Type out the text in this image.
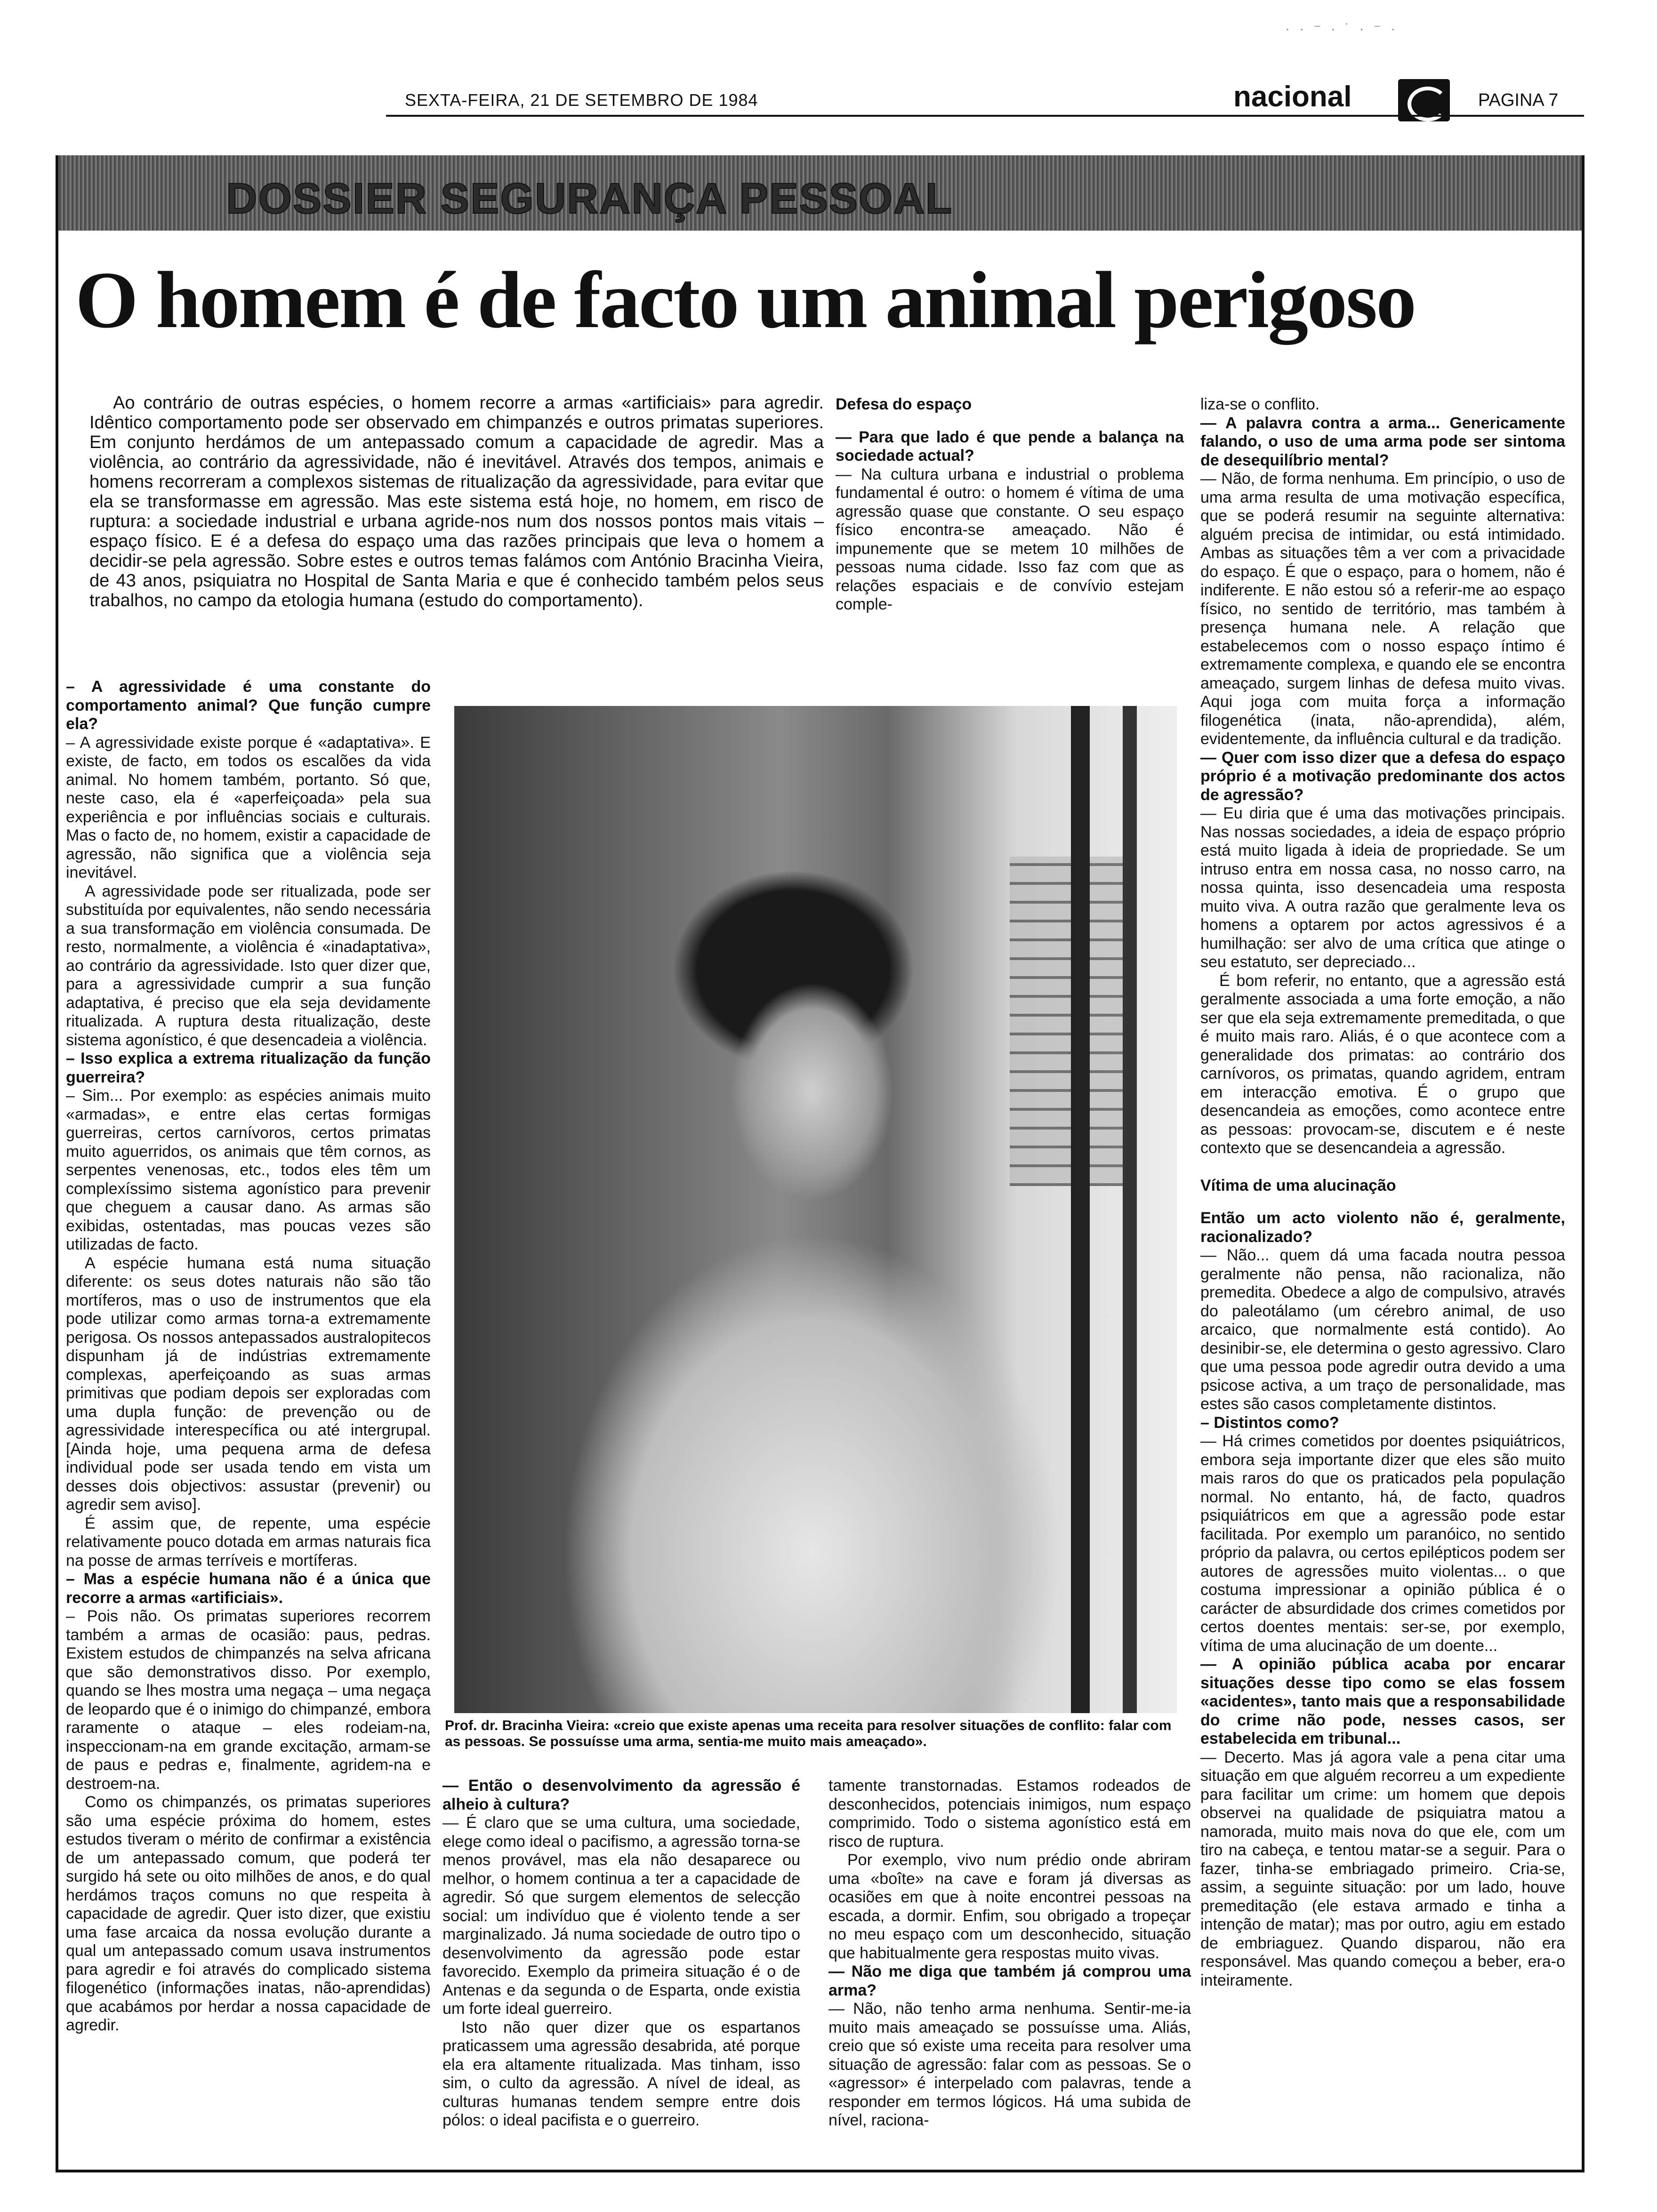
· · ⁻ · ˙ · ⁻ ·
SEXTA-FEIRA, 21 DE SETEMBRO DE 1984	nacional	PAGINA 7
DOSSIER SEGURANÇA PESSOAL
O homem é de facto um animal perigoso
Ao contrário de outras espécies, o homem recorre a armas «artificiais» para agredir. Idêntico comportamento pode ser observado em chimpanzés e outros primatas superiores. Em conjunto herdámos de um antepassado comum a capacidade de agredir. Mas a violência, ao contrário da agressividade, não é inevitável. Através dos tempos, animais e homens recorreram a complexos sistemas de ritualização da agressividade, para evitar que ela se transformasse em agressão. Mas este sistema está hoje, no homem, em risco de ruptura: a sociedade industrial e urbana agride-nos num dos nossos pontos mais vitais – espaço físico. E é a defesa do espaço uma das razões principais que leva o homem a decidir-se pela agressão. Sobre estes e outros temas falámos com António Bracinha Vieira, de 43 anos, psiquiatra no Hospital de Santa Maria e que é conhecido também pelos seus trabalhos, no campo da etologia humana (estudo do comportamento).

– A agressividade é uma constante do comportamento animal? Que função cumpre ela?

– A agressividade existe porque é «adaptativa». E existe, de facto, em todos os escalões da vida animal. No homem também, portanto. Só que, neste caso, ela é «aperfeiçoada» pela sua experiência e por influências sociais e culturais. Mas o facto de, no homem, existir a capacidade de agressão, não significa que a violência seja inevitável.

A agressividade pode ser ritualizada, pode ser substituída por equivalentes, não sendo necessária a sua transformação em violência consumada. De resto, normalmente, a violência é «inadaptativa», ao contrário da agressividade. Isto quer dizer que, para a agressividade cumprir a sua função adaptativa, é preciso que ela seja devidamente ritualizada. A ruptura desta ritualização, deste sistema agonístico, é que desencadeia a violência.

– Isso explica a extrema ritualização da função guerreira?

– Sim... Por exemplo: as espécies animais muito «armadas», e entre elas certas formigas guerreiras, certos carnívoros, certos primatas muito aguerridos, os animais que têm cornos, as serpentes venenosas, etc., todos eles têm um complexíssimo sistema agonístico para prevenir que cheguem a causar dano. As armas são exibidas, ostentadas, mas poucas vezes são utilizadas de facto.

A espécie humana está numa situação diferente: os seus dotes naturais não são tão mortíferos, mas o uso de instrumentos que ela pode utilizar como armas torna-a extremamente perigosa. Os nossos antepassados australopitecos dispunham já de indústrias extremamente complexas, aperfeiçoando as suas armas primitivas que podiam depois ser exploradas com uma dupla função: de prevenção ou de agressividade interespecífica ou até intergrupal. [Ainda hoje, uma pequena arma de defesa individual pode ser usada tendo em vista um desses dois objectivos: assustar (prevenir) ou agredir sem aviso].

É assim que, de repente, uma espécie relativamente pouco dotada em armas naturais fica na posse de armas terríveis e mortíferas.

– Mas a espécie humana não é a única que recorre a armas «artificiais».

– Pois não. Os primatas superiores recorrem também a armas de ocasião: paus, pedras. Existem estudos de chimpanzés na selva africana que são demonstrativos disso. Por exemplo, quando se lhes mostra uma negaça – uma negaça de leopardo que é o inimigo do chimpanzé, embora raramente o ataque – eles rodeiam-na, inspeccionam-na em grande excitação, armam-se de paus e pedras e, finalmente, agridem-na e destroem-na.

Como os chimpanzés, os primatas superiores são uma espécie próxima do homem, estes estudos tiveram o mérito de confirmar a existência de um antepassado comum, que poderá ter surgido há sete ou oito milhões de anos, e do qual herdámos traços comuns no que respeita à capacidade de agredir. Quer isto dizer, que existiu uma fase arcaica da nossa evolução durante a qual um antepassado comum usava instrumentos para agredir e foi através do complicado sistema filogenético (informações inatas, não-aprendidas) que acabámos por herdar a nossa capacidade de agredir.

Defesa do espaço

— Para que lado é que pende a balança na sociedade actual?

— Na cultura urbana e industrial o problema fundamental é outro: o homem é vítima de uma agressão quase que constante. O seu espaço físico encontra-se ameaçado. Não é impunemente que se metem 10 milhões de pessoas numa cidade. Isso faz com que as relações espaciais e de convívio estejam comple-

Prof. dr. Bracinha Vieira: «creio que existe apenas uma receita para resolver situações de conflito: falar com as pessoas. Se possuísse uma arma, sentia-me muito mais ameaçado».

— Então o desenvolvimento da agressão é alheio à cultura?

— É claro que se uma cultura, uma sociedade, elege como ideal o pacifismo, a agressão torna-se menos provável, mas ela não desaparece ou melhor, o homem continua a ter a capacidade de agredir. Só que surgem elementos de selecção social: um indivíduo que é violento tende a ser marginalizado. Já numa sociedade de outro tipo o desenvolvimento da agressão pode estar favorecido. Exemplo da primeira situação é o de Antenas e da segunda o de Esparta, onde existia um forte ideal guerreiro.

Isto não quer dizer que os espartanos praticassem uma agressão desabrida, até porque ela era altamente ritualizada. Mas tinham, isso sim, o culto da agressão. A nível de ideal, as culturas humanas tendem sempre entre dois pólos: o ideal pacifista e o guerreiro.

tamente transtornadas. Estamos rodeados de desconhecidos, potenciais inimigos, num espaço comprimido. Todo o sistema agonístico está em risco de ruptura.

Por exemplo, vivo num prédio onde abriram uma «boîte» na cave e foram já diversas as ocasiões em que à noite encontrei pessoas na escada, a dormir. Enfim, sou obrigado a tropeçar no meu espaço com um desconhecido, situação que habitualmente gera respostas muito vivas.

— Não me diga que também já comprou uma arma?

— Não, não tenho arma nenhuma. Sentir-me-ia muito mais ameaçado se possuísse uma. Aliás, creio que só existe uma receita para resolver uma situação de agressão: falar com as pessoas. Se o «agressor» é interpelado com palavras, tende a responder em termos lógicos. Há uma subida de nível, raciona-

liza-se o conflito.

— A palavra contra a arma... Genericamente falando, o uso de uma arma pode ser sintoma de desequilíbrio mental?

— Não, de forma nenhuma. Em princípio, o uso de uma arma resulta de uma motivação específica, que se poderá resumir na seguinte alternativa: alguém precisa de intimidar, ou está intimidado. Ambas as situações têm a ver com a privacidade do espaço. É que o espaço, para o homem, não é indiferente. E não estou só a referir-me ao espaço físico, no sentido de território, mas também à presença humana nele. A relação que estabelecemos com o nosso espaço íntimo é extremamente complexa, e quando ele se encontra ameaçado, surgem linhas de defesa muito vivas. Aqui joga com muita força a informação filogenética (inata, não-aprendida), além, evidentemente, da influência cultural e da tradição.

— Quer com isso dizer que a defesa do espaço próprio é a motivação predominante dos actos de agressão?

— Eu diria que é uma das motivações principais. Nas nossas sociedades, a ideia de espaço próprio está muito ligada à ideia de propriedade. Se um intruso entra em nossa casa, no nosso carro, na nossa quinta, isso desencadeia uma resposta muito viva. A outra razão que geralmente leva os homens a optarem por actos agressivos é a humilhação: ser alvo de uma crítica que atinge o seu estatuto, ser depreciado...

É bom referir, no entanto, que a agressão está geralmente associada a uma forte emoção, a não ser que ela seja extremamente premeditada, o que é muito mais raro. Aliás, é o que acontece com a generalidade dos primatas: ao contrário dos carnívoros, os primatas, quando agridem, entram em interacção emotiva. É o grupo que desencandeia as emoções, como acontece entre as pessoas: provocam-se, discutem e é neste contexto que se desencandeia a agressão.

Vítima de uma alucinação

Então um acto violento não é, geralmente, racionalizado?

— Não... quem dá uma facada noutra pessoa geralmente não pensa, não racionaliza, não premedita. Obedece a algo de compulsivo, através do paleotálamo (um cérebro animal, de uso arcaico, que normalmente está contido). Ao desinibir-se, ele determina o gesto agressivo. Claro que uma pessoa pode agredir outra devido a uma psicose activa, a um traço de personalidade, mas estes são casos completamente distintos.

– Distintos como?

— Há crimes cometidos por doentes psiquiátricos, embora seja importante dizer que eles são muito mais raros do que os praticados pela população normal. No entanto, há, de facto, quadros psiquiátricos em que a agressão pode estar facilitada. Por exemplo um paranóico, no sentido próprio da palavra, ou certos epilépticos podem ser autores de agressões muito violentas... o que costuma impressionar a opinião pública é o carácter de absurdidade dos crimes cometidos por certos doentes mentais: ser-se, por exemplo, vítima de uma alucinação de um doente...

— A opinião pública acaba por encarar situações desse tipo como se elas fossem «acidentes», tanto mais que a responsabilidade do crime não pode, nesses casos, ser estabelecida em tribunal...

— Decerto. Mas já agora vale a pena citar uma situação em que alguém recorreu a um expediente para facilitar um crime: um homem que depois observei na qualidade de psiquiatra matou a namorada, muito mais nova do que ele, com um tiro na cabeça, e tentou matar-se a seguir. Para o fazer, tinha-se embriagado primeiro. Cria-se, assim, a seguinte situação: por um lado, houve premeditação (ele estava armado e tinha a intenção de matar); mas por outro, agiu em estado de embriaguez. Quando disparou, não era responsável. Mas quando começou a beber, era-o inteiramente.
